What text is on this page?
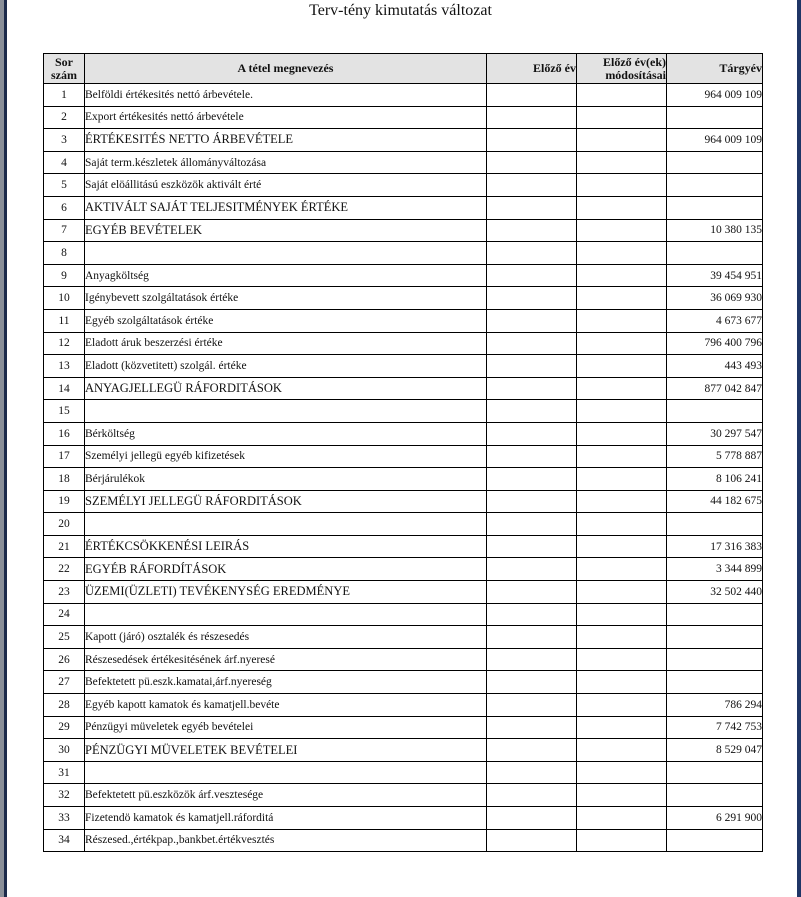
Terv-tény kimutatás változat
Sor
szám	A tétel megnevezés	Előző év	Előző év(ek)
módosításai	Tárgyév
1	Belföldi értékesités nettó árbevétele.			964 009 109
2	Export értékesités nettó árbevétele			
3	ÉRTÉKESITÉS NETTO ÁRBEVÉTELE			964 009 109
4	Saját term.készletek állományváltozása			
5	Saját elöállitású eszközök aktivált érté			
6	AKTIVÁLT SAJÁT TELJESITMÉNYEK ÉRTÉKE			
7	EGYÉB BEVÉTELEK			10 380 135
8				
9	Anyagköltség			39 454 951
10	Igénybevett szolgáltatások értéke			36 069 930
11	Egyéb szolgáltatások értéke			4 673 677
12	Eladott áruk beszerzési értéke			796 400 796
13	Eladott (közvetitett) szolgál. értéke			443 493
14	ANYAGJELLEGÜ RÁFORDITÁSOK			877 042 847
15				
16	Bérköltség			30 297 547
17	Személyi jellegü egyéb kifizetések			5 778 887
18	Bérjárulékok			8 106 241
19	SZEMÉLYI JELLEGÜ RÁFORDITÁSOK			44 182 675
20				
21	ÉRTÉKCSÖKKENÉSI LEIRÁS			17 316 383
22	EGYÉB RÁFORDÍTÁSOK			3 344 899
23	ÜZEMI(ÜZLETI) TEVÉKENYSÉG EREDMÉNYE			32 502 440
24				
25	Kapott (járó) osztalék és részesedés			
26	Részesedések értékesitésének árf.nyeresé			
27	Befektetett pü.eszk.kamatai,árf.nyereség			
28	Egyéb kapott kamatok és kamatjell.bevéte			786 294
29	Pénzügyi müveletek egyéb bevételei			7 742 753
30	PÉNZÜGYI MÜVELETEK BEVÉTELEI			8 529 047
31				
32	Befektetett pü.eszközök árf.vesztesége			
33	Fizetendö kamatok és kamatjell.ráforditá			6 291 900
34	Részesed.,értékpap.,bankbet.értékvesztés			
